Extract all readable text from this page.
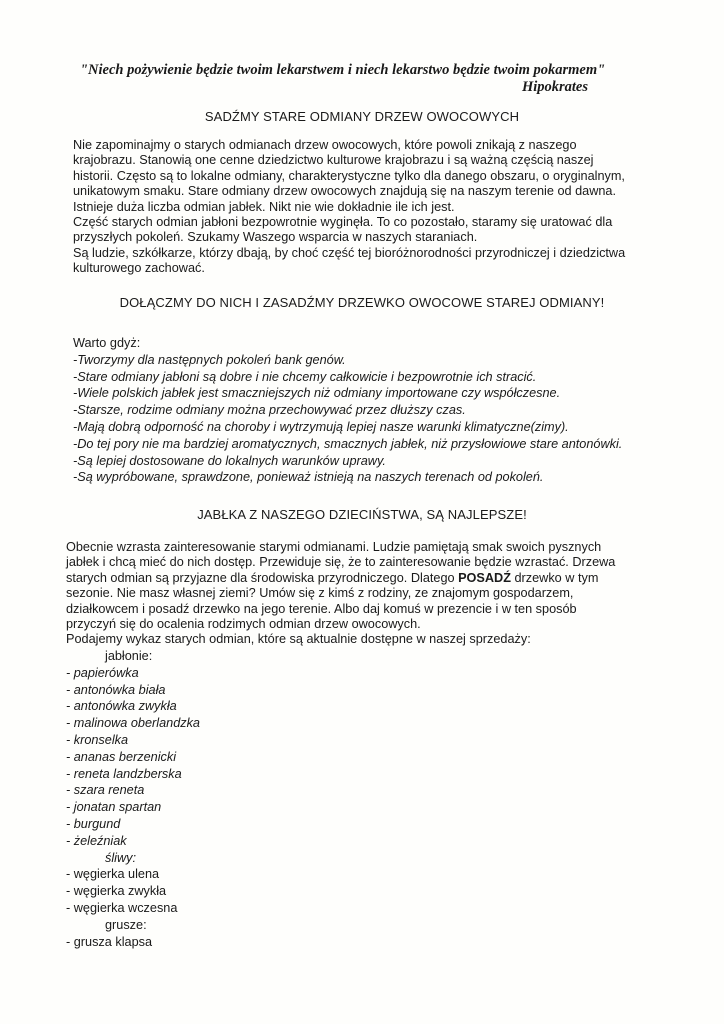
"Niech pożywienie będzie twoim lekarstwem i niech lekarstwo będzie twoim pokarmem"
Hipokrates
SADŹMY STARE ODMIANY DRZEW OWOCOWYCH

Nie zapominajmy o starych odmianach drzew owocowych, które powoli znikają z naszego

krajobrazu. Stanowią one cenne dziedzictwo kulturowe krajobrazu i są ważną częścią naszej

historii. Często są to lokalne odmiany, charakterystyczne tylko dla danego obszaru, o oryginalnym,

unikatowym smaku. Stare odmiany drzew owocowych znajdują się na naszym terenie od dawna.

Istnieje duża liczba odmian jabłek. Nikt nie wie dokładnie ile ich jest.

Część starych odmian jabłoni bezpowrotnie wyginęła. To co pozostało, staramy się uratować dla

przyszłych pokoleń. Szukamy Waszego wsparcia w naszych staraniach.

Są ludzie, szkółkarze, którzy dbają, by choć część tej bioróżnorodności przyrodniczej i dziedzictwa

kulturowego zachować.

DOŁĄCZMY DO NICH I ZASADŹMY DRZEWKO OWOCOWE STAREJ ODMIANY!

Warto gdyż:

-Tworzymy dla następnych pokoleń bank genów.

-Stare odmiany jabłoni są dobre i nie chcemy całkowicie i bezpowrotnie ich stracić.

-Wiele polskich jabłek jest smaczniejszych niż odmiany importowane czy współczesne.

-Starsze, rodzime odmiany można przechowywać przez dłuższy czas.

-Mają dobrą odporność na choroby i wytrzymują lepiej nasze warunki klimatyczne(zimy).

-Do tej pory nie ma bardziej aromatycznych, smacznych jabłek, niż przysłowiowe stare antonówki.

-Są lepiej dostosowane do lokalnych warunków uprawy.

-Są wypróbowane, sprawdzone, ponieważ istnieją na naszych terenach od pokoleń.

JABŁKA Z NASZEGO DZIECIŃSTWA, SĄ NAJLEPSZE!

Obecnie wzrasta zainteresowanie starymi odmianami. Ludzie pamiętają smak swoich pysznych

jabłek i chcą mieć do nich dostęp. Przewiduje się, że to zainteresowanie będzie wzrastać. Drzewa

starych odmian są przyjazne dla środowiska przyrodniczego. Dlatego POSADŹ drzewko w tym

sezonie. Nie masz własnej ziemi? Umów się z kimś z rodziny, ze znajomym gospodarzem,

działkowcem i posadź drzewko na jego terenie. Albo daj komuś w prezencie i w ten sposób

przyczyń się do ocalenia rodzimych odmian drzew owocowych.

Podajemy wykaz starych odmian, które są aktualnie dostępne w naszej sprzedaży:

jabłonie:
- papierówka
- antonówka biała
- antonówka zwykła
- malinowa oberlandzka
- kronselka
- ananas berzenicki
- reneta landzberska
- szara reneta
- jonatan spartan
- burgund
- żeleźniak
śliwy:
- węgierka ulena
- węgierka zwykła
- węgierka wczesna
grusze:
- grusza klapsa
